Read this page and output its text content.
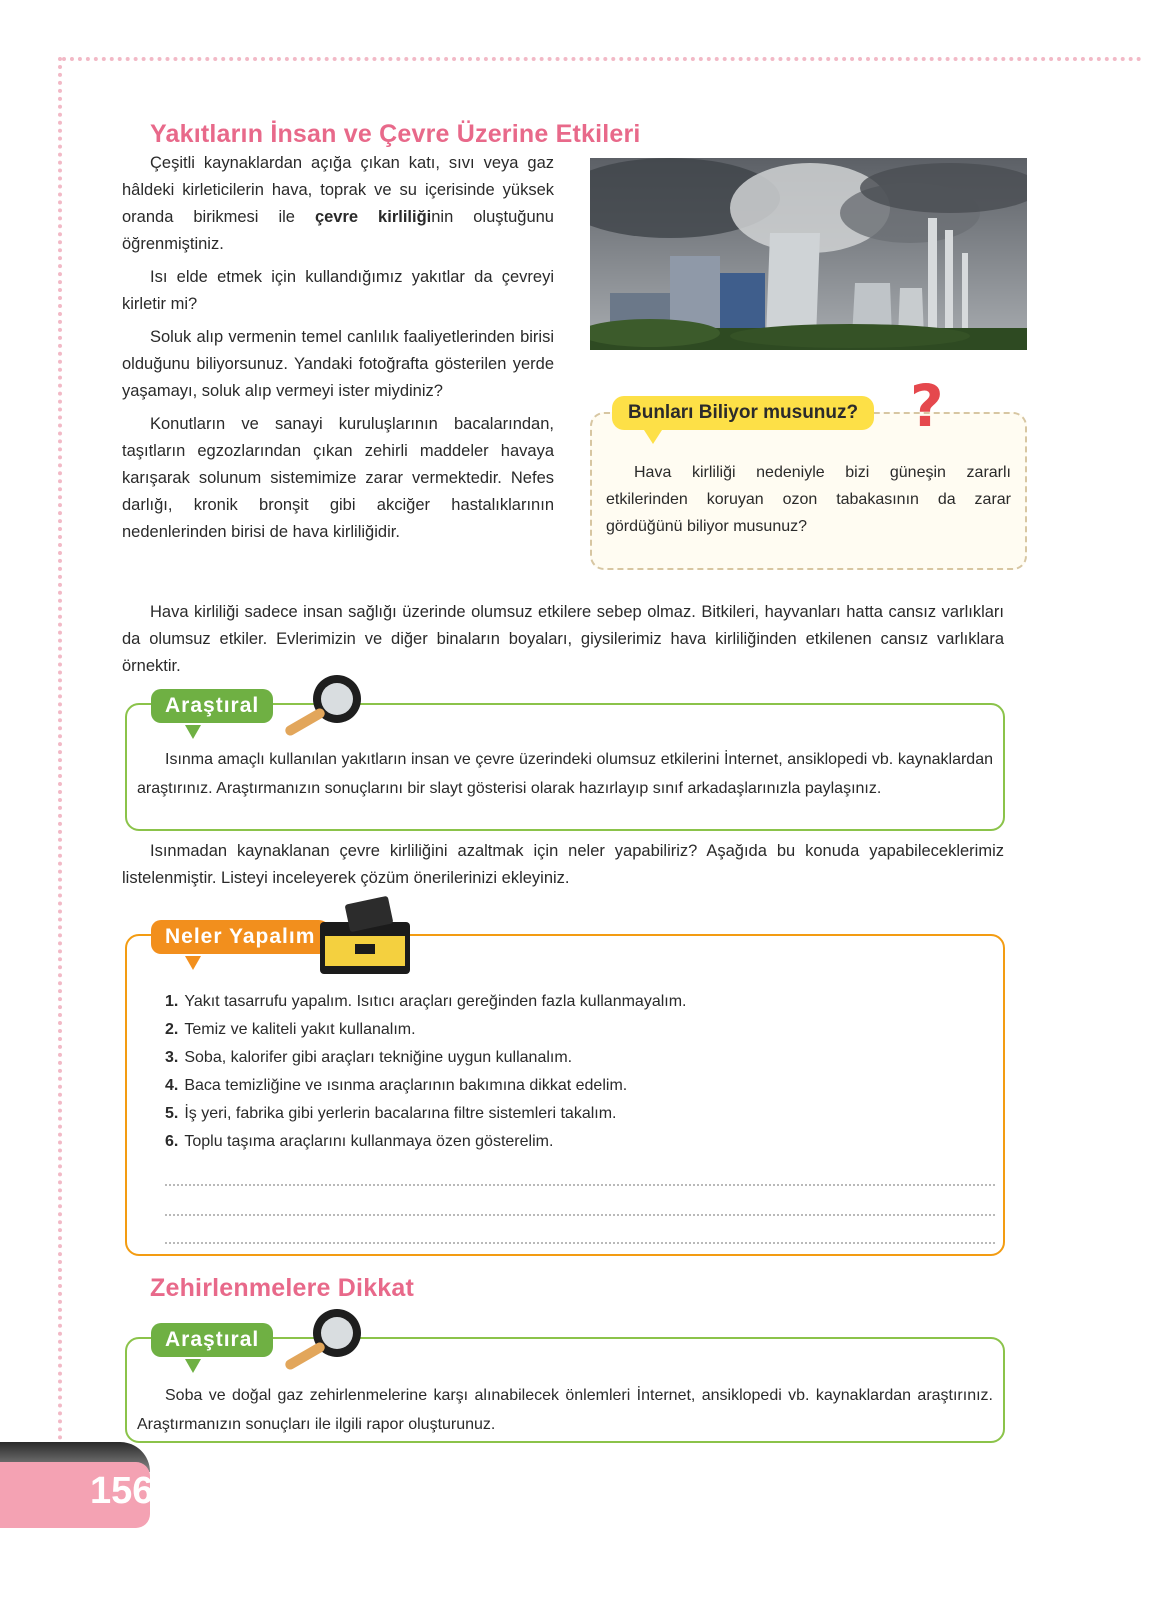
Yakıtların İnsan ve Çevre Üzerine Etkileri

Çeşitli kaynaklardan açığa çıkan katı, sıvı veya gaz hâldeki kirleticilerin hava, toprak ve su içerisinde yüksek oranda birikmesi ile çevre kirliliğinin oluştuğunu öğrenmiştiniz.

Isı elde etmek için kullandığımız yakıtlar da çevreyi kirletir mi?

Soluk alıp vermenin temel canlılık faaliyetlerinden birisi olduğunu biliyorsunuz. Yandaki fotoğrafta gösterilen yerde yaşamayı, soluk alıp vermeyi ister miydiniz?

Konutların ve sanayi kuruluşlarının bacalarından, taşıtların egzozlarından çıkan zehirli maddeler havaya karışarak solunum sistemimize zarar vermektedir. Nefes darlığı, kronik bronşit gibi akciğer hastalıklarının nedenlerinden birisi de hava kirliliğidir.

Hava kirliliği sadece insan sağlığı üzerinde olumsuz etkilere sebep olmaz. Bitkileri, hayvanları hatta cansız varlıkları da olumsuz etkiler. Evlerimizin ve diğer binaların boyaları, giysilerimiz hava kirliliğinden etkilenen cansız varlıklara örnektir.

Bunları Biliyor musunuz? ?

Hava kirliliği nedeniyle bizi güneşin zararlı etkilerinden koruyan ozon tabakasının da zarar gördüğünü biliyor musunuz?

Araştıral

Isınma amaçlı kullanılan yakıtların insan ve çevre üzerindeki olumsuz etkilerini İnternet, ansiklopedi vb. kaynaklardan araştırınız. Araştırmanızın sonuçlarını bir slayt gösterisi olarak hazırlayıp sınıf arkadaşlarınızla paylaşınız.

Isınmadan kaynaklanan çevre kirliliğini azaltmak için neler yapabiliriz? Aşağıda bu konuda yapabileceklerimiz listelenmiştir. Listeyi inceleyerek çözüm önerilerinizi ekleyiniz.

Neler Yapalım
1. Yakıt tasarrufu yapalım. Isıtıcı araçları gereğinden fazla kullanmayalım.
2. Temiz ve kaliteli yakıt kullanalım.
3. Soba, kalorifer gibi araçları tekniğine uygun kullanalım.
4. Baca temizliğine ve ısınma araçlarının bakımına dikkat edelim.
5. İş yeri, fabrika gibi yerlerin bacalarına filtre sistemleri takalım.
6. Toplu taşıma araçlarını kullanmaya özen gösterelim.
Zehirlenmelere Dikkat
Araştıral

Soba ve doğal gaz zehirlenmelerine karşı alınabilecek önlemleri İnternet, ansiklopedi vb. kaynaklardan araştırınız. Araştırmanızın sonuçları ile ilgili rapor oluşturunuz.

156
